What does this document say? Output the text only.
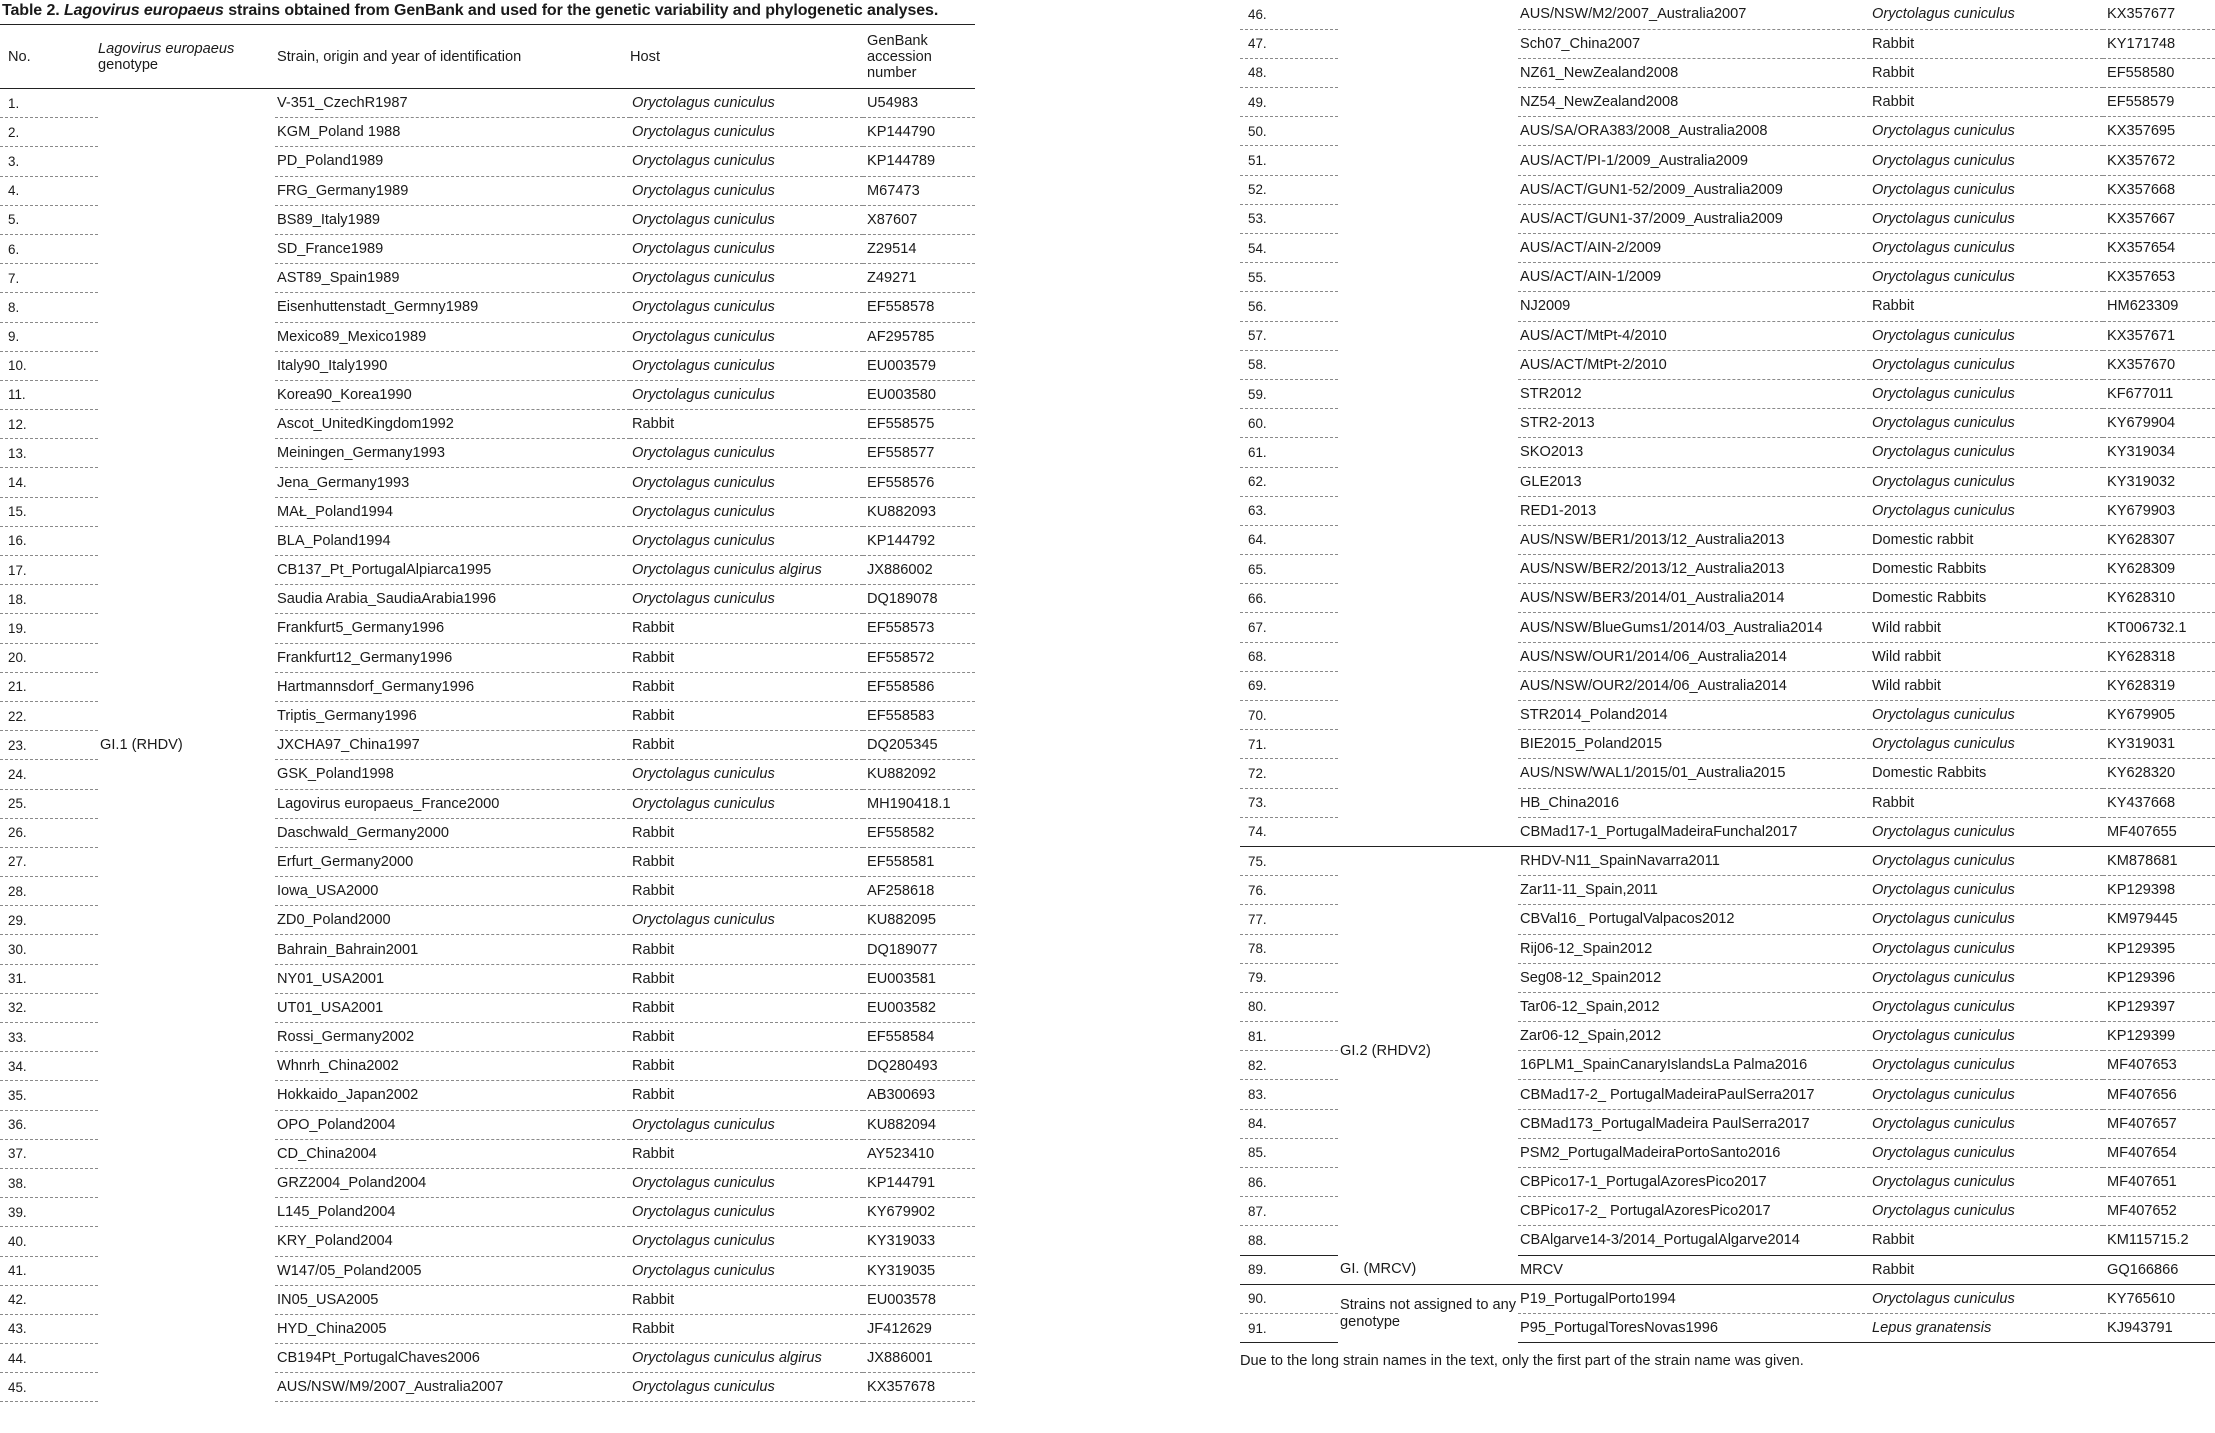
Table 2. Lagovirus europaeus strains obtained from GenBank and used for the genetic variability and phylogenetic analyses.
No.	Lagovirus europaeus
genotype	Strain, origin and year of identification	Host	GenBank
accession
number
1.	GI.1 (RHDV)	V-351_CzechR1987	Oryctolagus cuniculus	U54983
2.		KGM_Poland 1988	Oryctolagus cuniculus	KP144790
3.		PD_Poland1989	Oryctolagus cuniculus	KP144789
4.		FRG_Germany1989	Oryctolagus cuniculus	M67473
5.		BS89_Italy1989	Oryctolagus cuniculus	X87607
6.		SD_France1989	Oryctolagus cuniculus	Z29514
7.		AST89_Spain1989	Oryctolagus cuniculus	Z49271
8.		Eisenhuttenstadt_Germny1989	Oryctolagus cuniculus	EF558578
9.		Mexico89_Mexico1989	Oryctolagus cuniculus	AF295785
10.		Italy90_Italy1990	Oryctolagus cuniculus	EU003579
11.		Korea90_Korea1990	Oryctolagus cuniculus	EU003580
12.		Ascot_UnitedKingdom1992	Rabbit	EF558575
13.		Meiningen_Germany1993	Oryctolagus cuniculus	EF558577
14.		Jena_Germany1993	Oryctolagus cuniculus	EF558576
15.		MAŁ_Poland1994	Oryctolagus cuniculus	KU882093
16.		BLA_Poland1994	Oryctolagus cuniculus	KP144792
17.		CB137_Pt_PortugalAlpiarca1995	Oryctolagus cuniculus algirus	JX886002
18.		Saudia Arabia_SaudiaArabia1996	Oryctolagus cuniculus	DQ189078
19.		Frankfurt5_Germany1996	Rabbit	EF558573
20.		Frankfurt12_Germany1996	Rabbit	EF558572
21.		Hartmannsdorf_Germany1996	Rabbit	EF558586
22.		Triptis_Germany1996	Rabbit	EF558583
23.		JXCHA97_China1997	Rabbit	DQ205345
24.		GSK_Poland1998	Oryctolagus cuniculus	KU882092
25.		Lagovirus europaeus_France2000	Oryctolagus cuniculus	MH190418.1
26.		Daschwald_Germany2000	Rabbit	EF558582
27.		Erfurt_Germany2000	Rabbit	EF558581
28.		Iowa_USA2000	Rabbit	AF258618
29.		ZD0_Poland2000	Oryctolagus cuniculus	KU882095
30.		Bahrain_Bahrain2001	Rabbit	DQ189077
31.		NY01_USA2001	Rabbit	EU003581
32.		UT01_USA2001	Rabbit	EU003582
33.		Rossi_Germany2002	Rabbit	EF558584
34.		Whnrh_China2002	Rabbit	DQ280493
35.		Hokkaido_Japan2002	Rabbit	AB300693
36.		OPO_Poland2004	Oryctolagus cuniculus	KU882094
37.		CD_China2004	Rabbit	AY523410
38.		GRZ2004_Poland2004	Oryctolagus cuniculus	KP144791
39.		L145_Poland2004	Oryctolagus cuniculus	KY679902
40.		KRY_Poland2004	Oryctolagus cuniculus	KY319033
41.		W147/05_Poland2005	Oryctolagus cuniculus	KY319035
42.		IN05_USA2005	Rabbit	EU003578
43.		HYD_China2005	Rabbit	JF412629
44.		CB194Pt_PortugalChaves2006	Oryctolagus cuniculus algirus	JX886001
45.		AUS/NSW/M9/2007_Australia2007	Oryctolagus cuniculus	KX357678
46.		AUS/NSW/M2/2007_Australia2007	Oryctolagus cuniculus	KX357677
47.		Sch07_China2007	Rabbit	KY171748
48.		NZ61_NewZealand2008	Rabbit	EF558580
49.		NZ54_NewZealand2008	Rabbit	EF558579
50.		AUS/SA/ORA383/2008_Australia2008	Oryctolagus cuniculus	KX357695
51.		AUS/ACT/PI-1/2009_Australia2009	Oryctolagus cuniculus	KX357672
52.		AUS/ACT/GUN1-52/2009_Australia2009	Oryctolagus cuniculus	KX357668
53.		AUS/ACT/GUN1-37/2009_Australia2009	Oryctolagus cuniculus	KX357667
54.		AUS/ACT/AIN-2/2009	Oryctolagus cuniculus	KX357654
55.		AUS/ACT/AIN-1/2009	Oryctolagus cuniculus	KX357653
56.		NJ2009	Rabbit	HM623309
57.		AUS/ACT/MtPt-4/2010	Oryctolagus cuniculus	KX357671
58.		AUS/ACT/MtPt-2/2010	Oryctolagus cuniculus	KX357670
59.		STR2012	Oryctolagus cuniculus	KF677011
60.		STR2-2013	Oryctolagus cuniculus	KY679904
61.		SKO2013	Oryctolagus cuniculus	KY319034
62.		GLE2013	Oryctolagus cuniculus	KY319032
63.		RED1-2013	Oryctolagus cuniculus	KY679903
64.		AUS/NSW/BER1/2013/12_Australia2013	Domestic rabbit	KY628307
65.		AUS/NSW/BER2/2013/12_Australia2013	Domestic Rabbits	KY628309
66.		AUS/NSW/BER3/2014/01_Australia2014	Domestic Rabbits	KY628310
67.		AUS/NSW/BlueGums1/2014/03_Australia2014	Wild rabbit	KT006732.1
68.		AUS/NSW/OUR1/2014/06_Australia2014	Wild rabbit	KY628318
69.		AUS/NSW/OUR2/2014/06_Australia2014	Wild rabbit	KY628319
70.		STR2014_Poland2014	Oryctolagus cuniculus	KY679905
71.		BIE2015_Poland2015	Oryctolagus cuniculus	KY319031
72.		AUS/NSW/WAL1/2015/01_Australia2015	Domestic Rabbits	KY628320
73.		HB_China2016	Rabbit	KY437668
74.		CBMad17-1_PortugalMadeiraFunchal2017	Oryctolagus cuniculus	MF407655
75.	GI.2 (RHDV2)	RHDV-N11_SpainNavarra2011	Oryctolagus cuniculus	KM878681
76.		Zar11-11_Spain,2011	Oryctolagus cuniculus	KP129398
77.		CBVal16_ PortugalValpacos2012	Oryctolagus cuniculus	KM979445
78.		Rij06-12_Spain2012	Oryctolagus cuniculus	KP129395
79.		Seg08-12_Spain2012	Oryctolagus cuniculus	KP129396
80.		Tar06-12_Spain,2012	Oryctolagus cuniculus	KP129397
81.		Zar06-12_Spain,2012	Oryctolagus cuniculus	KP129399
82.		16PLM1_SpainCanaryIslandsLa Palma2016	Oryctolagus cuniculus	MF407653
83.		CBMad17-2_ PortugalMadeiraPaulSerra2017	Oryctolagus cuniculus	MF407656
84.		CBMad173_PortugalMadeira PaulSerra2017	Oryctolagus cuniculus	MF407657
85.		PSM2_PortugalMadeiraPortoSanto2016	Oryctolagus cuniculus	MF407654
86.		CBPico17-1_PortugalAzoresPico2017	Oryctolagus cuniculus	MF407651
87.		CBPico17-2_ PortugalAzoresPico2017	Oryctolagus cuniculus	MF407652
88.		CBAlgarve14-3/2014_PortugalAlgarve2014	Rabbit	KM115715.2
89.	GI. (MRCV)	MRCV	Rabbit	GQ166866
90.	Strains not assigned to any genotype	P19_PortugalPorto1994	Oryctolagus cuniculus	KY765610
91.		P95_PortugalToresNovas1996	Lepus granatensis	KJ943791
Due to the long strain names in the text, only the first part of the strain name was given.
